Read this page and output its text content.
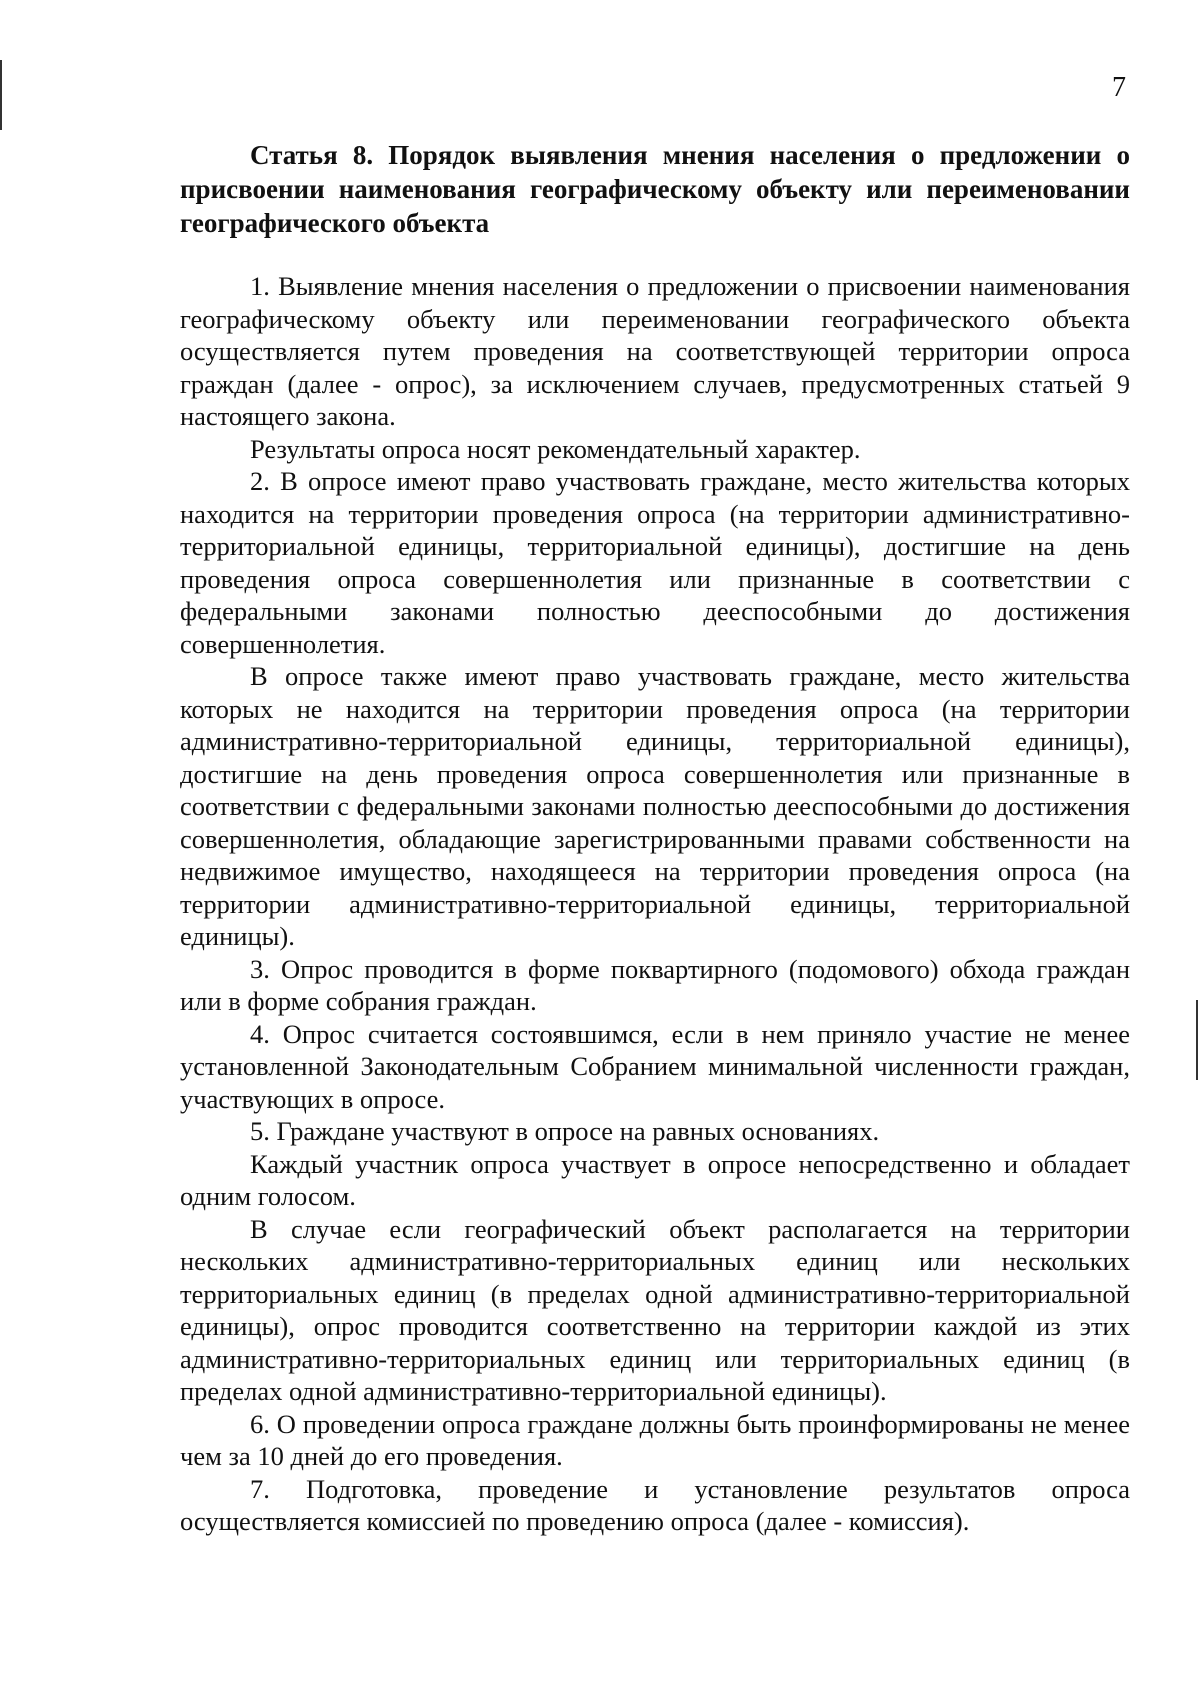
7
Статья 8. Порядок выявления мнения населения о предложении о присвоении наименования географическому объекту или переименовании географического объекта

1. Выявление мнения населения о предложении о присвоении наименования географическому объекту или переименовании географического объекта осуществляется путем проведения на соответствующей территории опроса граждан (далее - опрос), за исключением случаев, предусмотренных статьей 9 настоящего закона.

Результаты опроса носят рекомендательный характер.

2. В опросе имеют право участвовать граждане, место жительства которых находится на территории проведения опроса (на территории административно-территориальной единицы, территориальной единицы), достигшие на день проведения опроса совершеннолетия или признанные в соответствии с федеральными законами полностью дееспособными до достижения совершеннолетия.

В опросе также имеют право участвовать граждане, место жительства которых не находится на территории проведения опроса (на территории административно-территориальной единицы, территориальной единицы), достигшие на день проведения опроса совершеннолетия или признанные в соответствии с федеральными законами полностью дееспособными до достижения совершеннолетия, обладающие зарегистрированными правами собственности на недвижимое имущество, находящееся на территории проведения опроса (на территории административно-территориальной единицы, территориальной единицы).

3. Опрос проводится в форме поквартирного (подомового) обхода граждан или в форме собрания граждан.

4. Опрос считается состоявшимся, если в нем приняло участие не менее установленной Законодательным Собранием минимальной численности граждан, участвующих в опросе.

5. Граждане участвуют в опросе на равных основаниях.

Каждый участник опроса участвует в опросе непосредственно и обладает одним голосом.

В случае если географический объект располагается на территории нескольких административно-территориальных единиц или нескольких территориальных единиц (в пределах одной административно-территориальной единицы), опрос проводится соответственно на территории каждой из этих административно-территориальных единиц или территориальных единиц (в пределах одной административно-территориальной единицы).

6. О проведении опроса граждане должны быть проинформированы не менее чем за 10 дней до его проведения.

7. Подготовка, проведение и установление результатов опроса осуществляется комиссией по проведению опроса (далее - комиссия).
